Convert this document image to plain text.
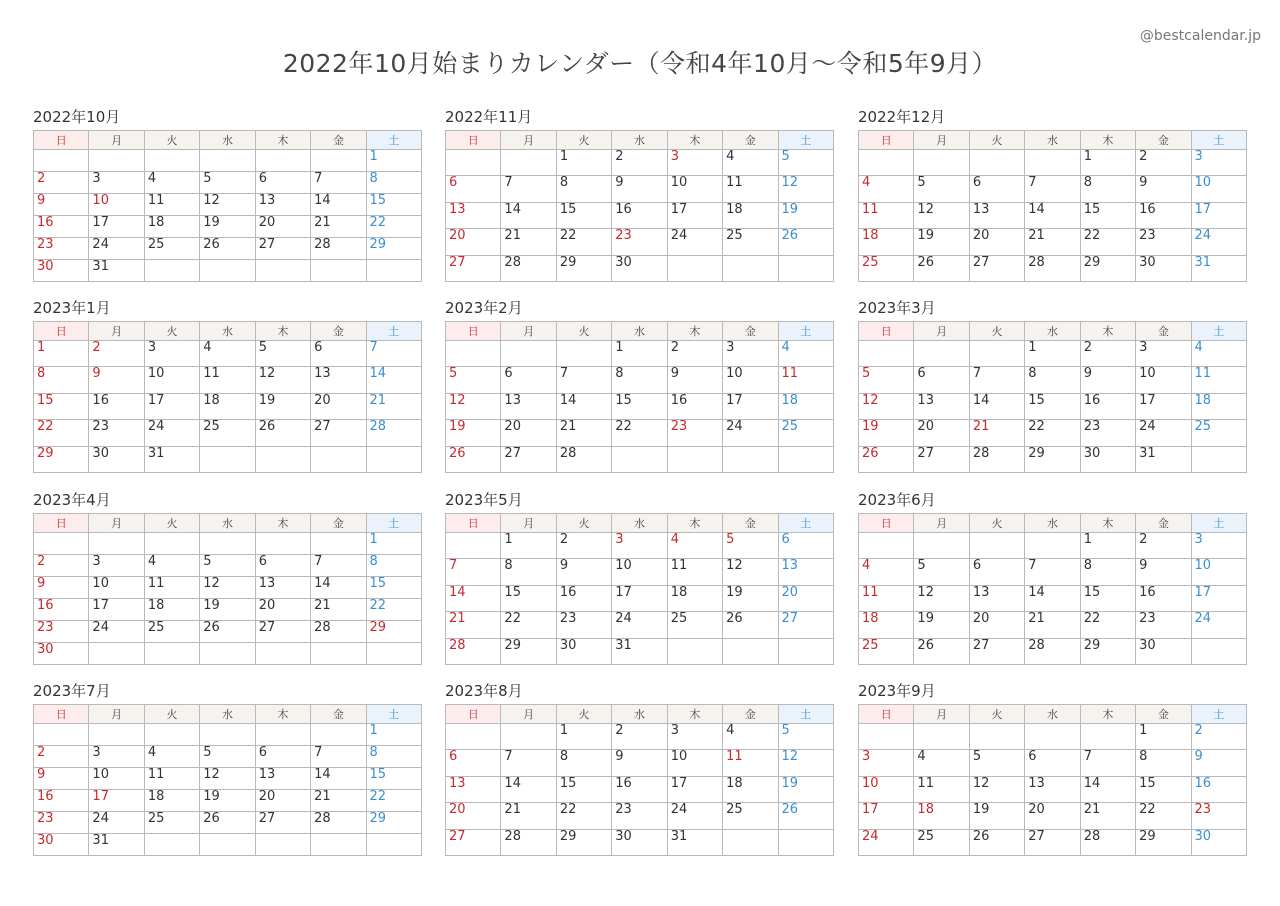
@bestcalendar.jp
2022年10月始まりカレンダー（令和4年10月〜令和5年9月）
2022年10月
日	月	火	水	木	金	土
						1
2	3	4	5	6	7	8
9	10	11	12	13	14	15
16	17	18	19	20	21	22
23	24	25	26	27	28	29
30	31					
2022年11月
日	月	火	水	木	金	土
		1	2	3	4	5
6	7	8	9	10	11	12
13	14	15	16	17	18	19
20	21	22	23	24	25	26
27	28	29	30			
2022年12月
日	月	火	水	木	金	土
				1	2	3
4	5	6	7	8	9	10
11	12	13	14	15	16	17
18	19	20	21	22	23	24
25	26	27	28	29	30	31
2023年1月
日	月	火	水	木	金	土
1	2	3	4	5	6	7
8	9	10	11	12	13	14
15	16	17	18	19	20	21
22	23	24	25	26	27	28
29	30	31				
2023年2月
日	月	火	水	木	金	土
			1	2	3	4
5	6	7	8	9	10	11
12	13	14	15	16	17	18
19	20	21	22	23	24	25
26	27	28				
2023年3月
日	月	火	水	木	金	土
			1	2	3	4
5	6	7	8	9	10	11
12	13	14	15	16	17	18
19	20	21	22	23	24	25
26	27	28	29	30	31	
2023年4月
日	月	火	水	木	金	土
						1
2	3	4	5	6	7	8
9	10	11	12	13	14	15
16	17	18	19	20	21	22
23	24	25	26	27	28	29
30						
2023年5月
日	月	火	水	木	金	土
	1	2	3	4	5	6
7	8	9	10	11	12	13
14	15	16	17	18	19	20
21	22	23	24	25	26	27
28	29	30	31			
2023年6月
日	月	火	水	木	金	土
				1	2	3
4	5	6	7	8	9	10
11	12	13	14	15	16	17
18	19	20	21	22	23	24
25	26	27	28	29	30	
2023年7月
日	月	火	水	木	金	土
						1
2	3	4	5	6	7	8
9	10	11	12	13	14	15
16	17	18	19	20	21	22
23	24	25	26	27	28	29
30	31					
2023年8月
日	月	火	水	木	金	土
		1	2	3	4	5
6	7	8	9	10	11	12
13	14	15	16	17	18	19
20	21	22	23	24	25	26
27	28	29	30	31		
2023年9月
日	月	火	水	木	金	土
					1	2
3	4	5	6	7	8	9
10	11	12	13	14	15	16
17	18	19	20	21	22	23
24	25	26	27	28	29	30
